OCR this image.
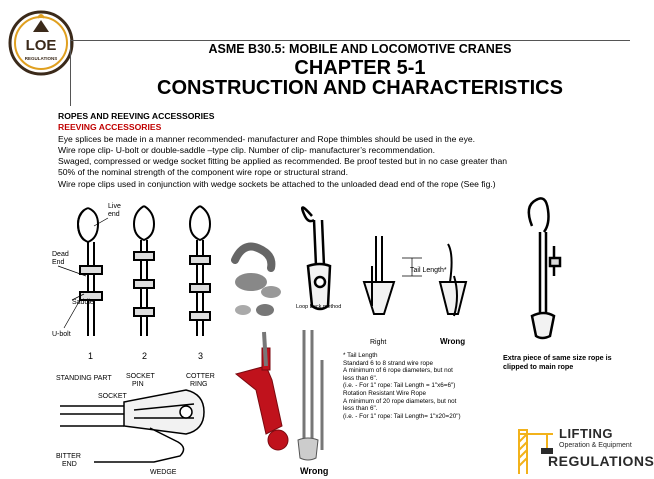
LOE
REGULATIONS
ASME B30.5: MOBILE AND LOCOMOTIVE CRANES
CHAPTER 5-1
CONSTRUCTION AND CHARACTERISTICS
ROPES AND REEVING ACCESSORIES
REEVING ACCESSORIES
Eye splices be made in a manner recommended- manufacturer and Rope thimbles should be used in the eye.
Wire rope clip- U-bolt or double-saddle –type clip. Number of clip- manufacturer’s recommendation.
Swaged, compressed or wedge socket fitting be applied as recommended. Be proof tested but in no case greater than
50% of the nominal strength of the component wire rope or structural strand.
Wire rope clips used in conjunction with wedge sockets be attached to the unloaded dead end of the rope (See fig.)
Live
end
Dead
End
Saddle
U-bolt
1	2	3
STANDING PART SOCKET
PIN
COTTER
RING
SOCKET
BITTER
END
WEDGE	Wrong
Loop back method
Tail Length*
Right	Wrong
* Tail Length
Standard 6 to 8 strand wire rope
A minimum of 6 rope diameters, but not
less than 6".
(i.e. - For 1" rope: Tail Length = 1"x6=6")
Rotation Resistant Wire Rope
A minimum of 20 rope diameters, but not
less than 6".
(i.e. - For 1" rope: Tail Length= 1"x20=20")
Extra piece of same size rope is clipped to main rope
LIFTING
Operation & Equipment
REGULATIONS
